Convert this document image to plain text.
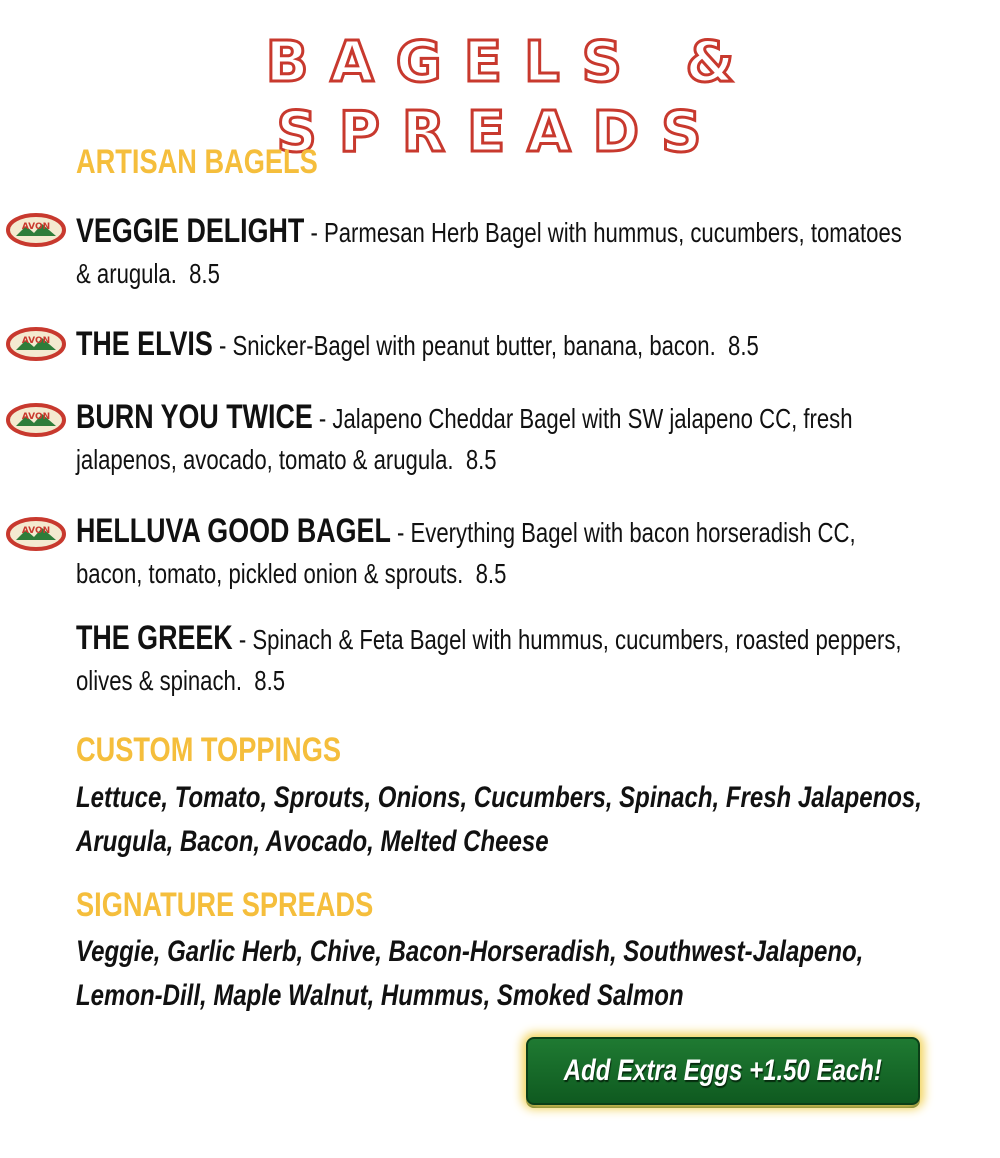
BAGELS & SPREADS
ARTISAN BAGELS
AVON VEGGIE DELIGHT - Parmesan Herb Bagel with hummus, cucumbers, tomatoes & arugula. 8.5
AVON THE ELVIS - Snicker-Bagel with peanut butter, banana, bacon. 8.5
AVON BURN YOU TWICE - Jalapeno Cheddar Bagel with SW jalapeno CC, fresh jalapenos, avocado, tomato & arugula. 8.5
AVON HELLUVA GOOD BAGEL - Everything Bagel with bacon horseradish CC, bacon, tomato, pickled onion & sprouts. 8.5
THE GREEK - Spinach & Feta Bagel with hummus, cucumbers, roasted peppers, olives & spinach. 8.5
CUSTOM TOPPINGS
Lettuce, Tomato, Sprouts, Onions, Cucumbers, Spinach, Fresh Jalapenos,
Arugula, Bacon, Avocado, Melted Cheese
SIGNATURE SPREADS
Veggie, Garlic Herb, Chive, Bacon-Horseradish, Southwest-Jalapeno,
Lemon-Dill, Maple Walnut, Hummus, Smoked Salmon
Add Extra Eggs +1.50 Each!
